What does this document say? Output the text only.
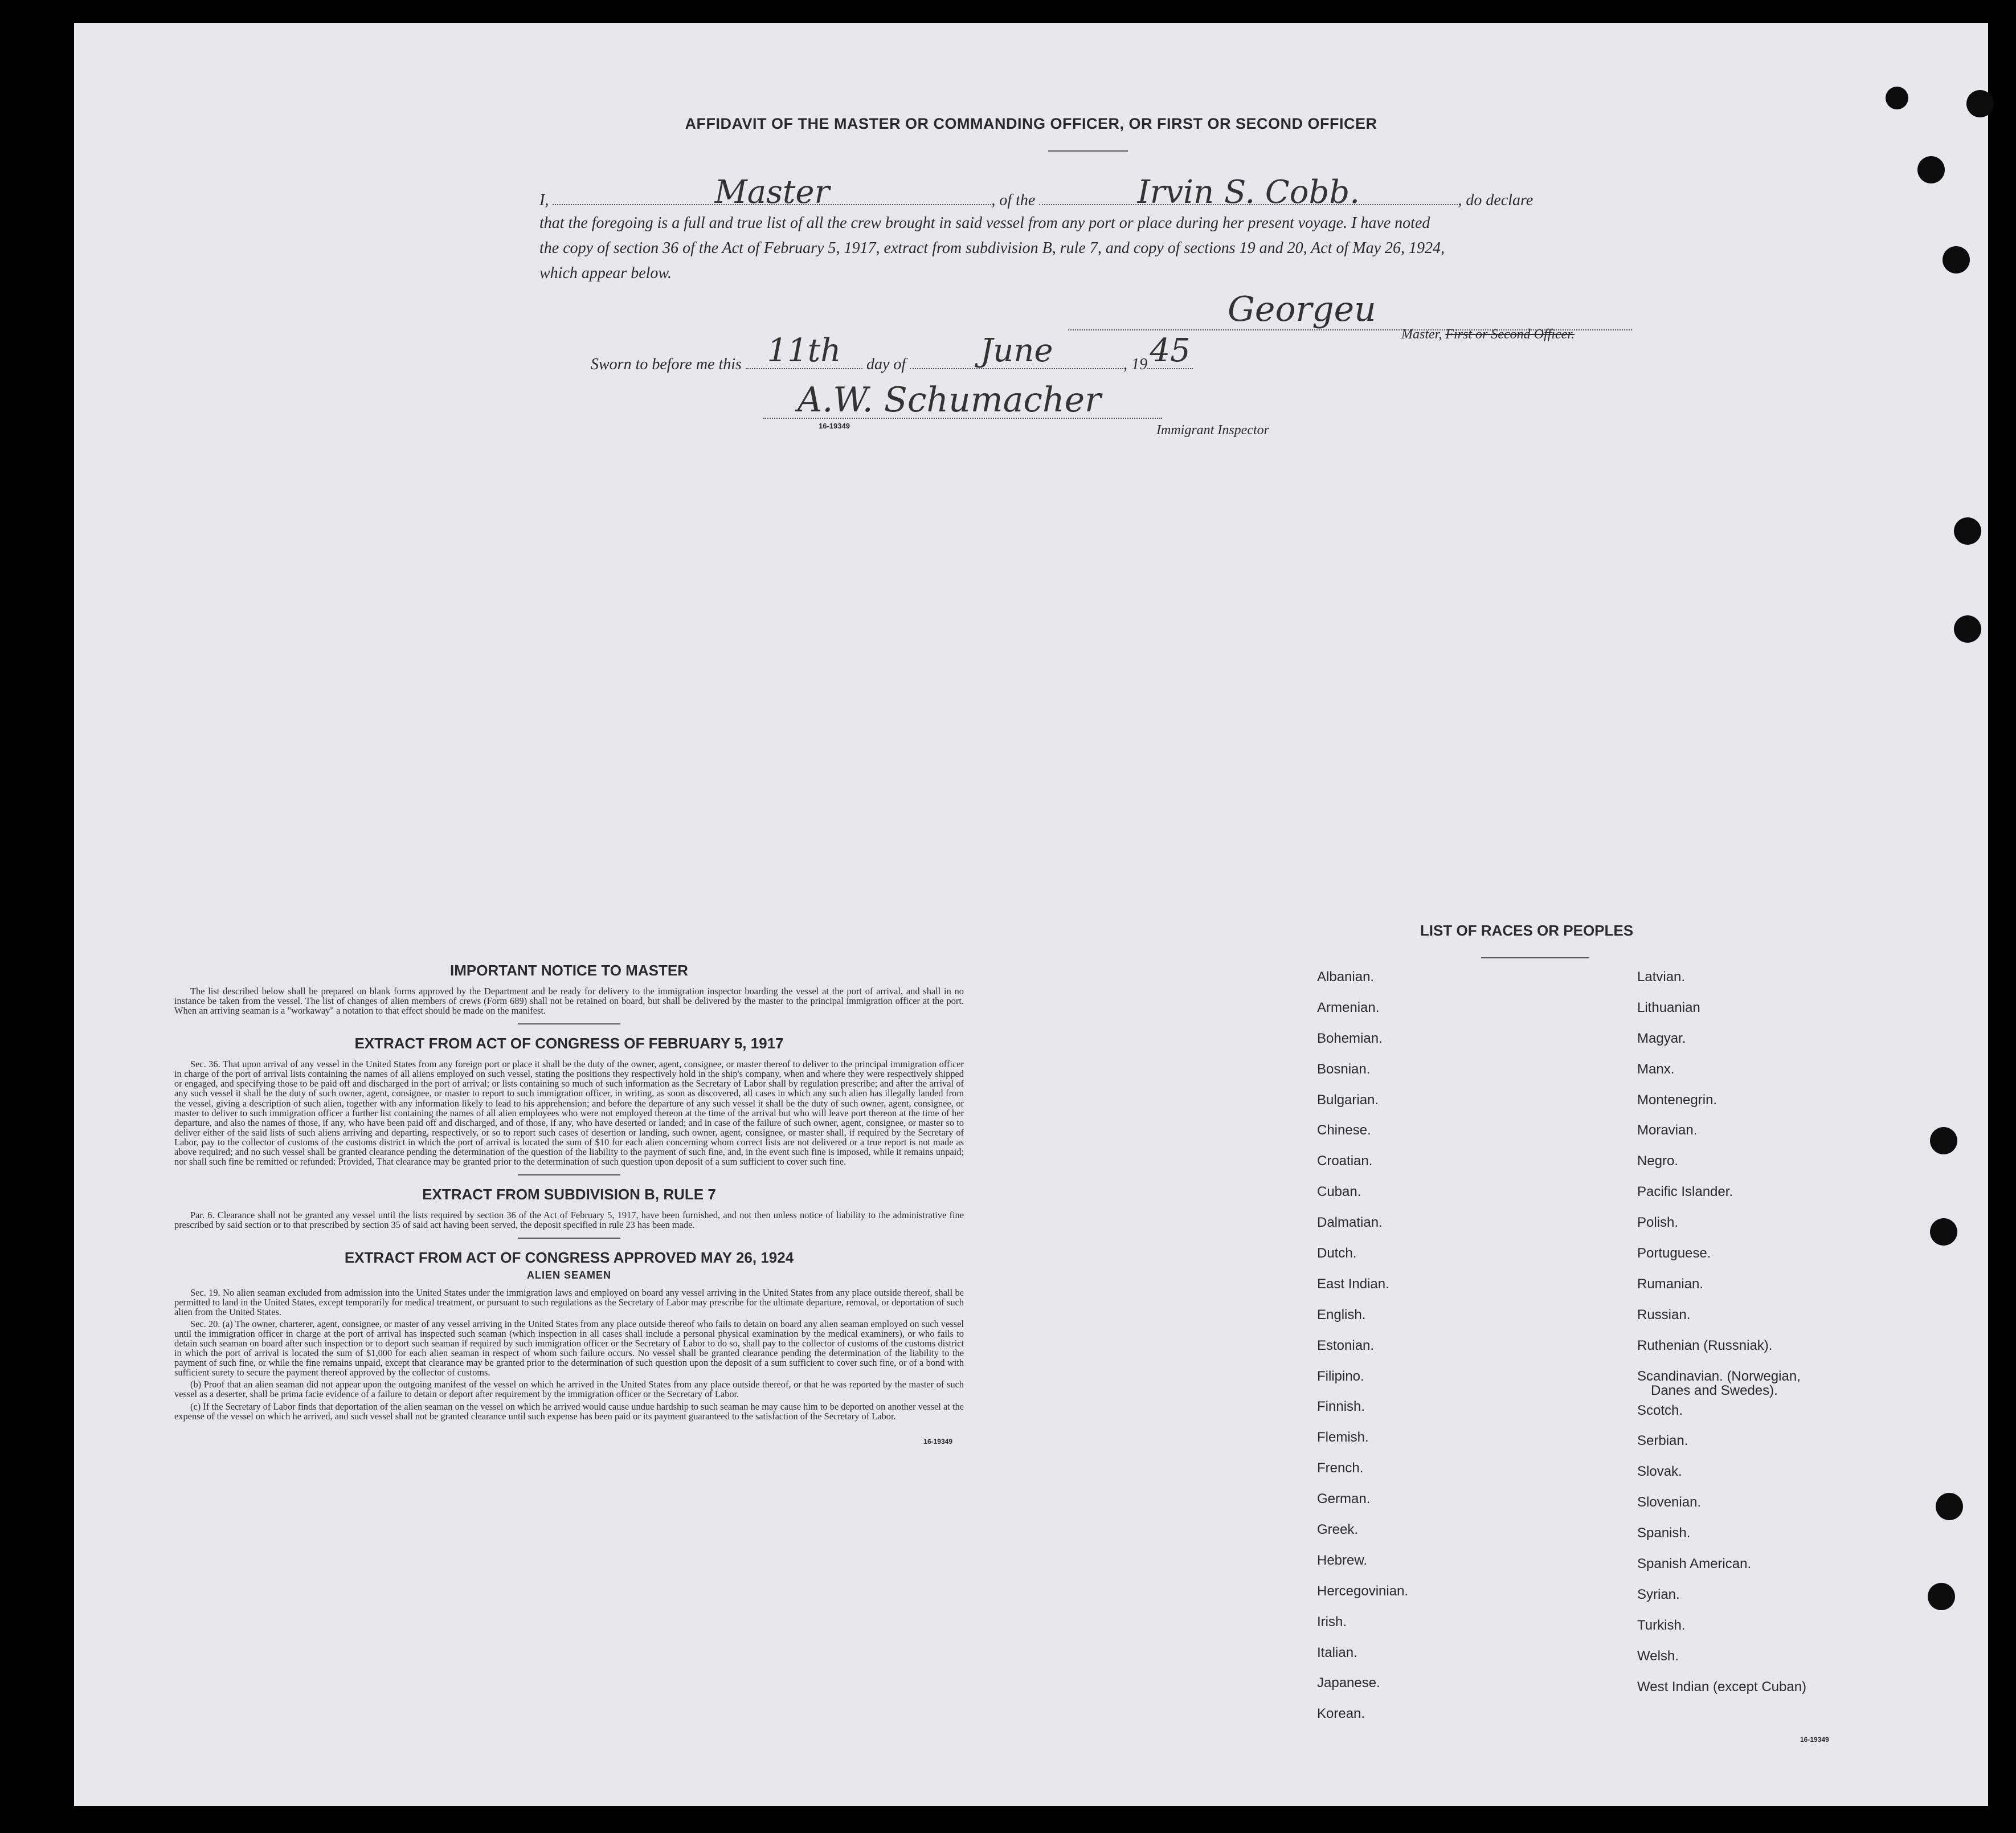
AFFIDAVIT OF THE MASTER OR COMMANDING OFFICER, OR FIRST OR SECOND OFFICER
I,	Master	, of the	Irvin S. Cobb.	, do declare
that the foregoing is a full and true list of all the crew brought in said vessel from any port or place during her present voyage. I have noted
the copy of section 36 of the Act of February 5, 1917, extract from subdivision B, rule 7, and copy of sections 19 and 20, Act of May 26, 1924,
which appear below.
Georgeu
Master, First or Second Officer.
Sworn to before me this 11th	day of	June	, 19 45
A.W. Schumacher
16-19349	Immigrant Inspector
IMPORTANT NOTICE TO MASTER

The list described below shall be prepared on blank forms approved by the Department and be ready for delivery to the immigration inspector boarding the vessel at the port of arrival, and shall in no instance be taken from the vessel. The list of changes of alien members of crews (Form 689) shall not be retained on board, but shall be delivered by the master to the principal immigration officer at the port. When an arriving seaman is a "workaway" a notation to that effect should be made on the manifest.

EXTRACT FROM ACT OF CONGRESS OF FEBRUARY 5, 1917

Sec. 36. That upon arrival of any vessel in the United States from any foreign port or place it shall be the duty of the owner, agent, consignee, or master thereof to deliver to the principal immigration officer in charge of the port of arrival lists containing the names of all aliens employed on such vessel, stating the positions they respectively hold in the ship's company, when and where they were respectively shipped or engaged, and specifying those to be paid off and discharged in the port of arrival; or lists containing so much of such information as the Secretary of Labor shall by regulation prescribe; and after the arrival of any such vessel it shall be the duty of such owner, agent, consignee, or master to report to such immigration officer, in writing, as soon as discovered, all cases in which any such alien has illegally landed from the vessel, giving a description of such alien, together with any information likely to lead to his apprehension; and before the departure of any such vessel it shall be the duty of such owner, agent, consignee, or master to deliver to such immigration officer a further list containing the names of all alien employees who were not employed thereon at the time of the arrival but who will leave port thereon at the time of her departure, and also the names of those, if any, who have been paid off and discharged, and of those, if any, who have deserted or landed; and in case of the failure of such owner, agent, consignee, or master so to deliver either of the said lists of such aliens arriving and departing, respectively, or so to report such cases of desertion or landing, such owner, agent, consignee, or master shall, if required by the Secretary of Labor, pay to the collector of customs of the customs district in which the port of arrival is located the sum of $10 for each alien concerning whom correct lists are not delivered or a true report is not made as above required; and no such vessel shall be granted clearance pending the determination of the question of the liability to the payment of such fine, and, in the event such fine is imposed, while it remains unpaid; nor shall such fine be remitted or refunded: Provided, That clearance may be granted prior to the determination of such question upon deposit of a sum sufficient to cover such fine.

EXTRACT FROM SUBDIVISION B, RULE 7

Par. 6. Clearance shall not be granted any vessel until the lists required by section 36 of the Act of February 5, 1917, have been furnished, and not then unless notice of liability to the administrative fine prescribed by said section or to that prescribed by section 35 of said act having been served, the deposit specified in rule 23 has been made.

EXTRACT FROM ACT OF CONGRESS APPROVED MAY 26, 1924
ALIEN SEAMEN

Sec. 19. No alien seaman excluded from admission into the United States under the immigration laws and employed on board any vessel arriving in the United States from any place outside thereof, shall be permitted to land in the United States, except temporarily for medical treatment, or pursuant to such regulations as the Secretary of Labor may prescribe for the ultimate departure, removal, or deportation of such alien from the United States.

Sec. 20. (a) The owner, charterer, agent, consignee, or master of any vessel arriving in the United States from any place outside thereof who fails to detain on board any alien seaman employed on such vessel until the immigration officer in charge at the port of arrival has inspected such seaman (which inspection in all cases shall include a personal physical examination by the medical examiners), or who fails to detain such seaman on board after such inspection or to deport such seaman if required by such immigration officer or the Secretary of Labor to do so, shall pay to the collector of customs of the customs district in which the port of arrival is located the sum of $1,000 for each alien seaman in respect of whom such failure occurs. No vessel shall be granted clearance pending the determination of the liability to the payment of such fine, or while the fine remains unpaid, except that clearance may be granted prior to the determination of such question upon the deposit of a sum sufficient to cover such fine, or of a bond with sufficient surety to secure the payment thereof approved by the collector of customs.

(b) Proof that an alien seaman did not appear upon the outgoing manifest of the vessel on which he arrived in the United States from any place outside thereof, or that he was reported by the master of such vessel as a deserter, shall be prima facie evidence of a failure to detain or deport after requirement by the immigration officer or the Secretary of Labor.

(c) If the Secretary of Labor finds that deportation of the alien seaman on the vessel on which he arrived would cause undue hardship to such seaman he may cause him to be deported on another vessel at the expense of the vessel on which he arrived, and such vessel shall not be granted clearance until such expense has been paid or its payment guaranteed to the satisfaction of the Secretary of Labor.

16-19349
LIST OF RACES OR PEOPLES
Albanian.
Armenian.
Bohemian.
Bosnian.
Bulgarian.
Chinese.
Croatian.
Cuban.
Dalmatian.
Dutch.
East Indian.
English.
Estonian.
Filipino.
Finnish.
Flemish.
French.
German.
Greek.
Hebrew.
Hercegovinian.
Irish.
Italian.
Japanese.
Korean.
Latvian.
Lithuanian
Magyar.
Manx.
Montenegrin.
Moravian.
Negro.
Pacific Islander.
Polish.
Portuguese.
Rumanian.
Russian.
Ruthenian (Russniak).
Scandinavian. (Norwegian,
Danes and Swedes).
Scotch.
Serbian.
Slovak.
Slovenian.
Spanish.
Spanish American.
Syrian.
Turkish.
Welsh.
West Indian (except Cuban)
16-19349
